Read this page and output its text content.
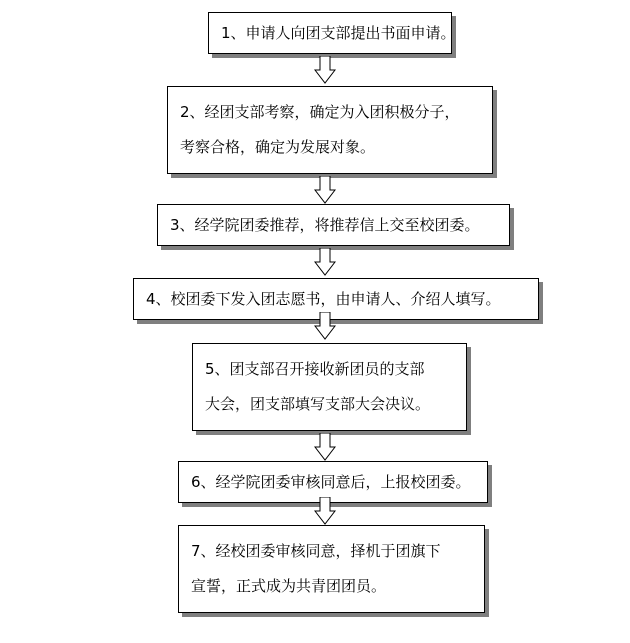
1、申请人向团支部提出书面申请。
2、经团支部考察，确定为入团积极分子，
考察合格，确定为发展对象。
3、经学院团委推荐，将推荐信上交至校团委。
4、校团委下发入团志愿书，由申请人、介绍人填写。
5、团支部召开接收新团员的支部
大会，团支部填写支部大会决议。
6、经学院团委审核同意后，上报校团委。
7、经校团委审核同意，择机于团旗下
宣誓，正式成为共青团团员。
